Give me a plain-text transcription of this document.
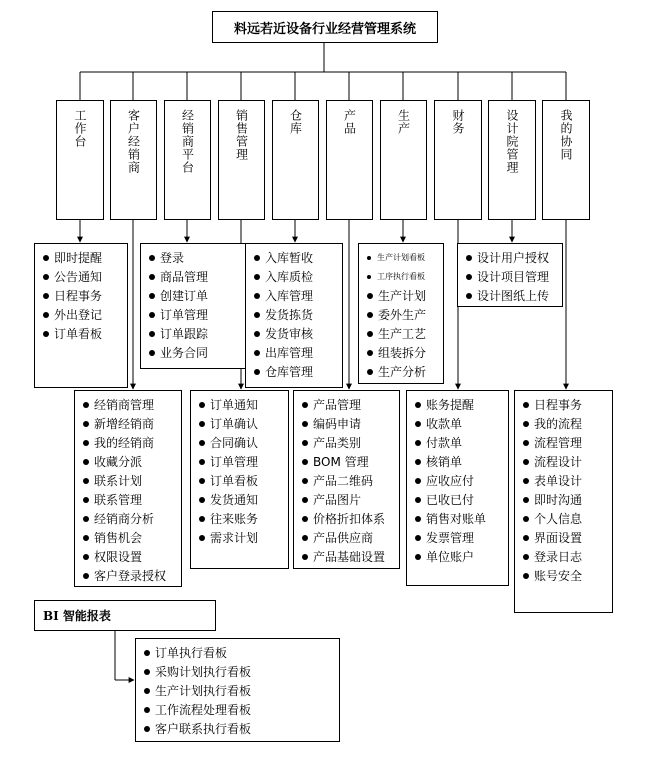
料远若近设备行业经营管理系统
工作台	客户经销商	经销商平台	销售管理	仓库	产品	生产	财务	设计院管理	我的协同
即时提醒
公告通知
日程事务
外出登记
订单看板
登录
商品管理
创建订单
订单管理
订单跟踪
业务合同
入库暂收
入库质检
入库管理
发货拣货
发货审核
出库管理
仓库管理
生产计划看板
工序执行看板
生产计划
委外生产
生产工艺
组装拆分
生产分析
设计用户授权
设计项目管理
设计图纸上传
经销商管理
新增经销商
我的经销商
收藏分派
联系计划
联系管理
经销商分析
销售机会
权限设置
客户登录授权
订单通知
订单确认
合同确认
订单管理
订单看板
发货通知
往来账务
需求计划
产品管理
编码申请
产品类别
BOM 管理
产品二维码
产品图片
价格折扣体系
产品供应商
产品基础设置
账务提醒
收款单
付款单
核销单
应收应付
已收已付
销售对账单
发票管理
单位账户
日程事务
我的流程
流程管理
流程设计
表单设计
即时沟通
个人信息
界面设置
登录日志
账号安全
BI 智能报表
订单执行看板
采购计划执行看板
生产计划执行看板
工作流程处理看板
客户联系执行看板
